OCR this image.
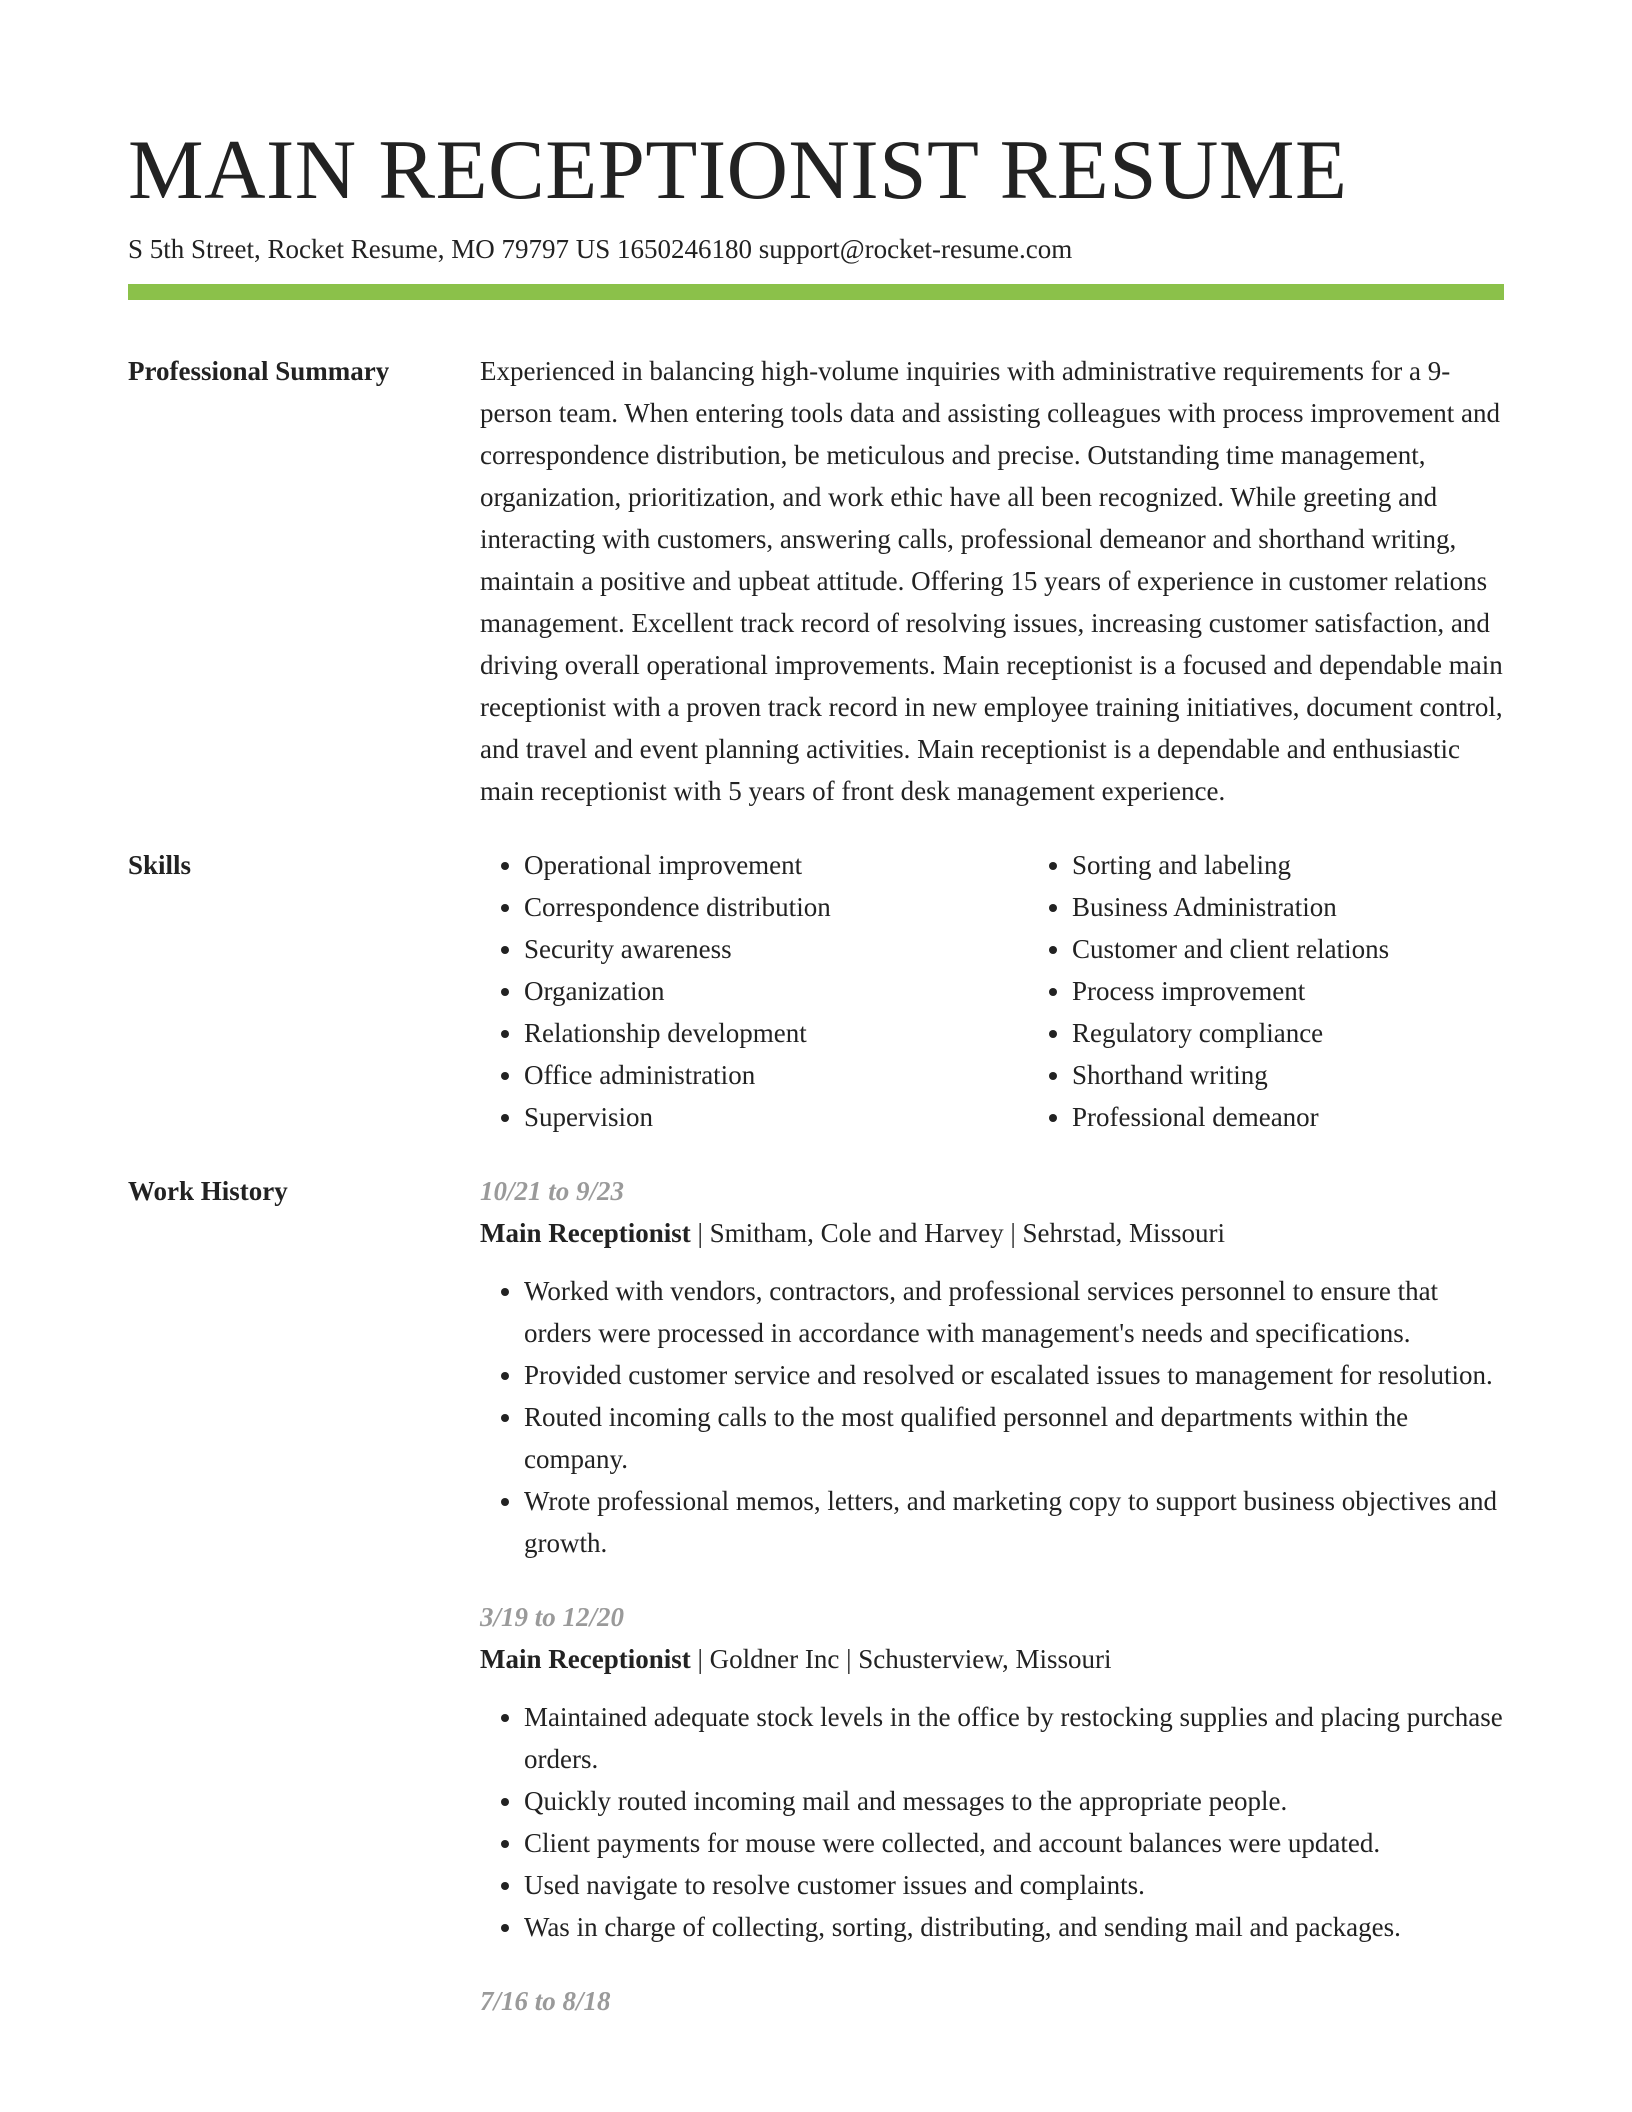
MAIN RECEPTIONIST RESUME
S 5th Street, Rocket Resume, MO 79797 US 1650246180 support@rocket-resume.com
Professional Summary	Experienced in balancing high-volume inquiries with administrative requirements for a 9-person team. When entering tools data and assisting colleagues with process improvement and correspondence distribution, be meticulous and precise. Outstanding time management, organization, prioritization, and work ethic have all been recognized. While greeting and interacting with customers, answering calls, professional demeanor and shorthand writing, maintain a positive and upbeat attitude. Offering 15 years of experience in customer relations management. Excellent track record of resolving issues, increasing customer satisfaction, and driving overall operational improvements. Main receptionist is a focused and dependable main receptionist with a proven track record in new employee training initiatives, document control, and travel and event planning activities. Main receptionist is a dependable and enthusiastic main receptionist with 5 years of front desk management experience.

Skills
•	Operational improvement
• Correspondence distribution
• Security awareness
• Organization
• Relationship development
• Office administration
• Supervision
• Sorting and labeling
• Business Administration
• Customer and client relations
• Process improvement
• Regulatory compliance
• Shorthand writing
• Professional demeanor
Work History	10/21 to 9/23
Main Receptionist | Smitham, Cole and Harvey | Sehrstad, Missouri
• Worked with vendors, contractors, and professional services personnel to ensure that orders were processed in accordance with management's needs and specifications.
• Provided customer service and resolved or escalated issues to management for resolution.
• Routed incoming calls to the most qualified personnel and departments within the company.
• Wrote professional memos, letters, and marketing copy to support business objectives and growth.
3/19 to 12/20
Main Receptionist | Goldner Inc | Schusterview, Missouri
• Maintained adequate stock levels in the office by restocking supplies and placing purchase orders.
• Quickly routed incoming mail and messages to the appropriate people.
• Client payments for mouse were collected, and account balances were updated.
• Used navigate to resolve customer issues and complaints.
• Was in charge of collecting, sorting, distributing, and sending mail and packages.
7/16 to 8/18
